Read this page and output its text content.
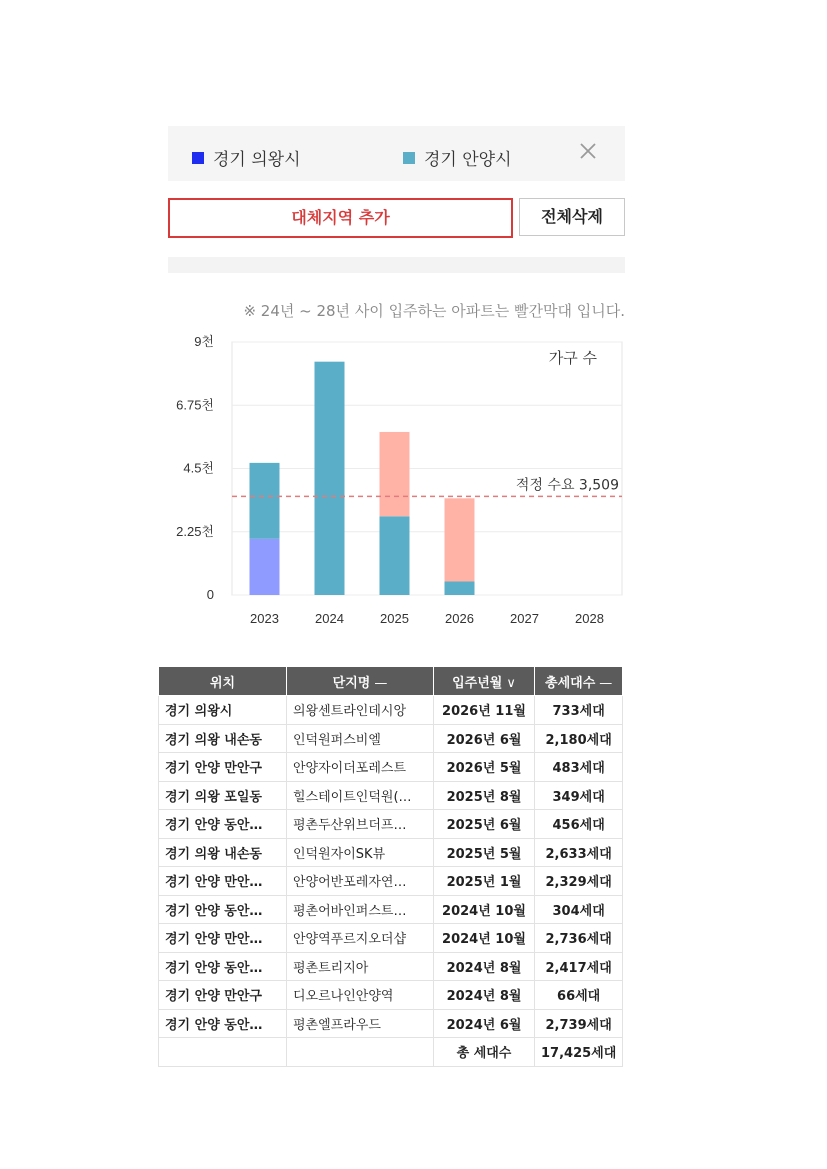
경기 의왕시	경기 안양시
대체지역 추가	전체삭제
※ 24년 ~ 28년 사이 입주하는 아파트는 빨간막대 입니다.
0
2.25천
4.5천
6.75천
9천
2023	2024	2025	2026	2027	2028
적정 수요 3,509
가구 수
위치	단지명 —	입주년월 ∨	총세대수 —
경기 의왕시	의왕센트라인데시앙	2026년 11월	733세대
경기 의왕 내손동	인덕원퍼스비엘	2026년 6월	2,180세대
경기 안양 만안구	안양자이더포레스트	2026년 5월	483세대
경기 의왕 포일동	힐스테이트인덕원(…	2025년 8월	349세대
경기 안양 동안…	평촌두산위브더프…	2025년 6월	456세대
경기 의왕 내손동	인덕원자이SK뷰	2025년 5월	2,633세대
경기 안양 만안…	안양어반포레자연…	2025년 1월	2,329세대
경기 안양 동안…	평촌어바인퍼스트…	2024년 10월	304세대
경기 안양 만안…	안양역푸르지오더샵	2024년 10월	2,736세대
경기 안양 동안…	평촌트리지아	2024년 8월	2,417세대
경기 안양 만안구	디오르나인안양역	2024년 8월	66세대
경기 안양 동안…	평촌엘프라우드	2024년 6월	2,739세대
		총 세대수	17,425세대
